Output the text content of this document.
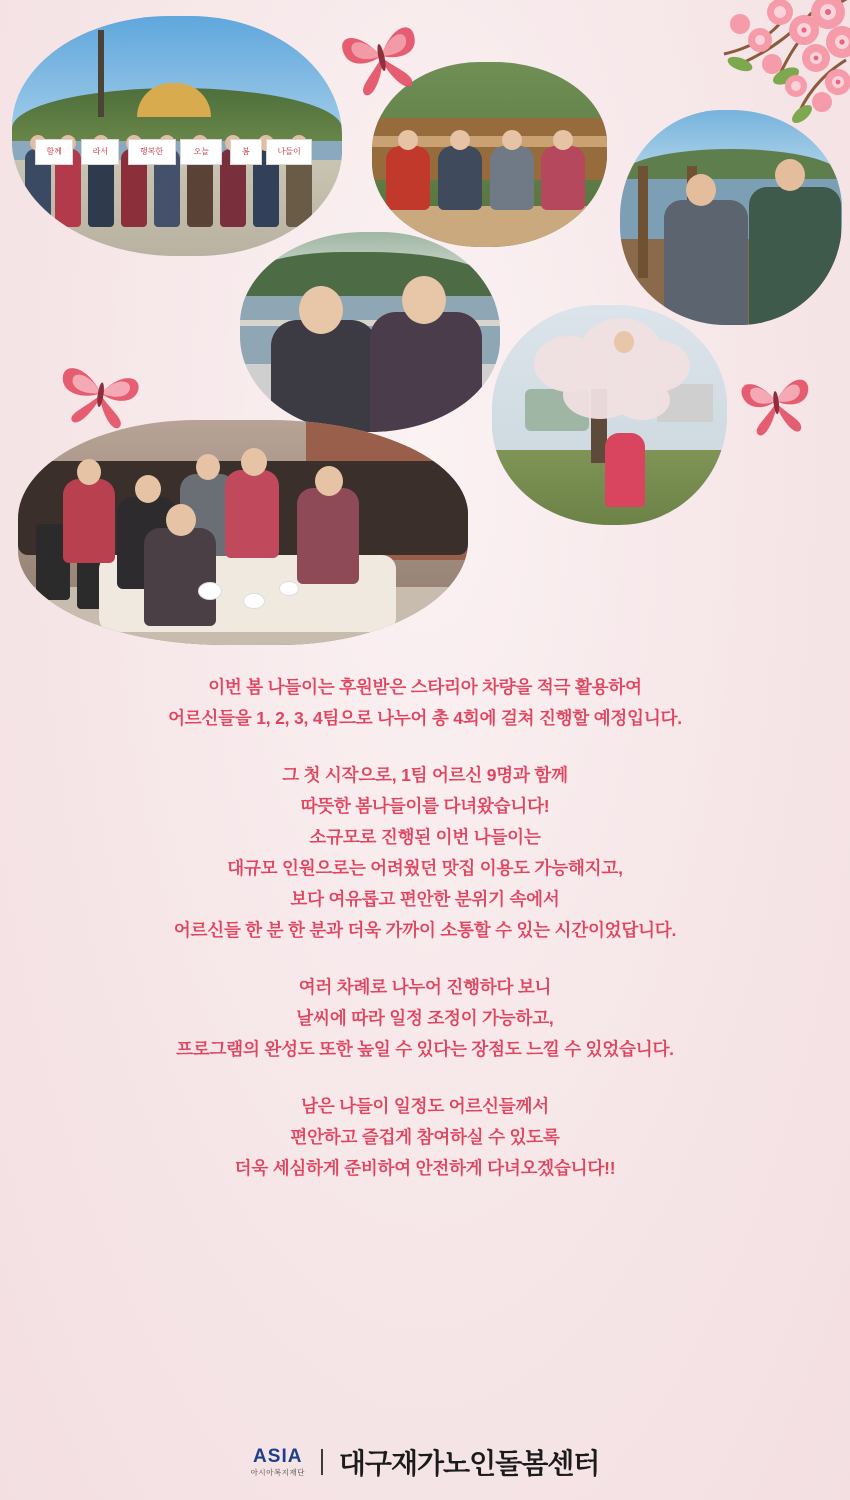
함께	라서	행복한	오늘	봄	나들이

이번 봄 나들이는 후원받은 스타리아 차량을 적극 활용하여
어르신들을 1, 2, 3, 4팀으로 나누어 총 4회에 걸쳐 진행할 예정입니다.

그 첫 시작으로, 1팀 어르신 9명과 함께
따뜻한 봄나들이를 다녀왔습니다!
소규모로 진행된 이번 나들이는
대규모 인원으로는 어려웠던 맛집 이용도 가능해지고,
보다 여유롭고 편안한 분위기 속에서
어르신들 한 분 한 분과 더욱 가까이 소통할 수 있는 시간이었답니다.

여러 차례로 나누어 진행하다 보니
날씨에 따라 일정 조정이 가능하고,
프로그램의 완성도 또한 높일 수 있다는 장점도 느낄 수 있었습니다.

남은 나들이 일정도 어르신들께서
편안하고 즐겁게 참여하실 수 있도록
더욱 세심하게 준비하여 안전하게 다녀오겠습니다!!

ASIA
아시아복지재단 대구재가노인돌봄센터
